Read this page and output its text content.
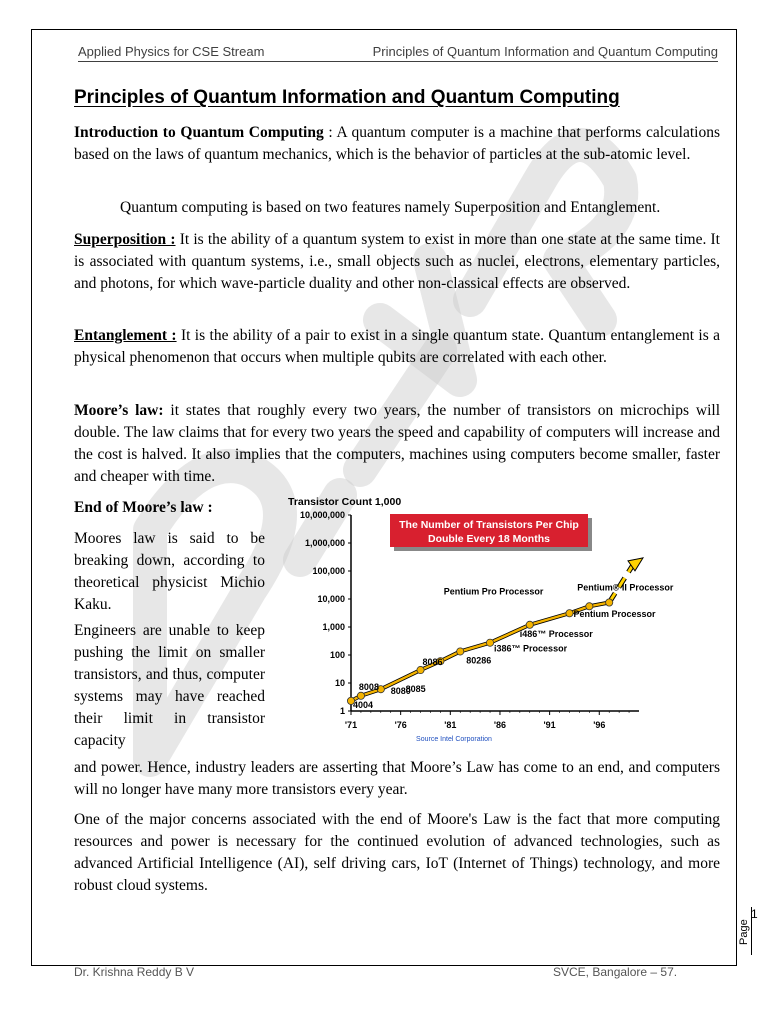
Applied Physics for CSE Stream	Principles of Quantum Information and Quantum Computing
Principles of Quantum Information and Quantum Computing

Introduction to Quantum Computing : A quantum computer is a machine that performs calculations based on the laws of quantum mechanics, which is the behavior of particles at the sub-atomic level.

Quantum computing is based on two features namely Superposition and Entanglement.

Superposition : It is the ability of a quantum system to exist in more than one state at the same time. It is associated with quantum systems, i.e., small objects such as nuclei, electrons, elementary particles, and photons, for which wave-particle duality and other non-classical effects are observed.

Entanglement : It is the ability of a pair to exist in a single quantum state. Quantum entanglement is a physical phenomenon that occurs when multiple qubits are correlated with each other.

Moore’s law: it states that roughly every two years, the number of transistors on microchips will double. The law claims that for every two years the speed and capability of computers will increase and the cost is halved. It also implies that the computers, machines using computers become smaller, faster and cheaper with time.

End of Moore’s law :

Moores law is said to be breaking down, according to theoretical physicist Michio Kaku.

Engineers are unable to keep pushing the limit on smaller transistors, and thus, computer systems may have reached their limit in transistor capacity

and power. Hence, industry leaders are asserting that Moore’s Law has come to an end, and computers will no longer have many more transistors every year.

One of the major concerns associated with the end of Moore's Law is the fact that more computing resources and power is necessary for the continued evolution of advanced technologies, such as advanced Artificial Intelligence (AI), self driving cars, IoT (Internet of Things) technology, and more robust cloud systems.

Transistor Count 1,000
The Number of Transistors Per Chip
Double Every 18 Months
1
10
100
1,000
10,000
100,000
1,000,000
10,000,000
'71	'76	'81	'86	'91	'96
4004
8008 8080
8085
8086	80286
i386™ Processor
i486™ Processor
Pentium Processor
Pentium Pro Processor	Pentium® II Processor
Source Intel Corporation
Page
1
Dr. Krishna Reddy B V	SVCE, Bangalore – 57.
